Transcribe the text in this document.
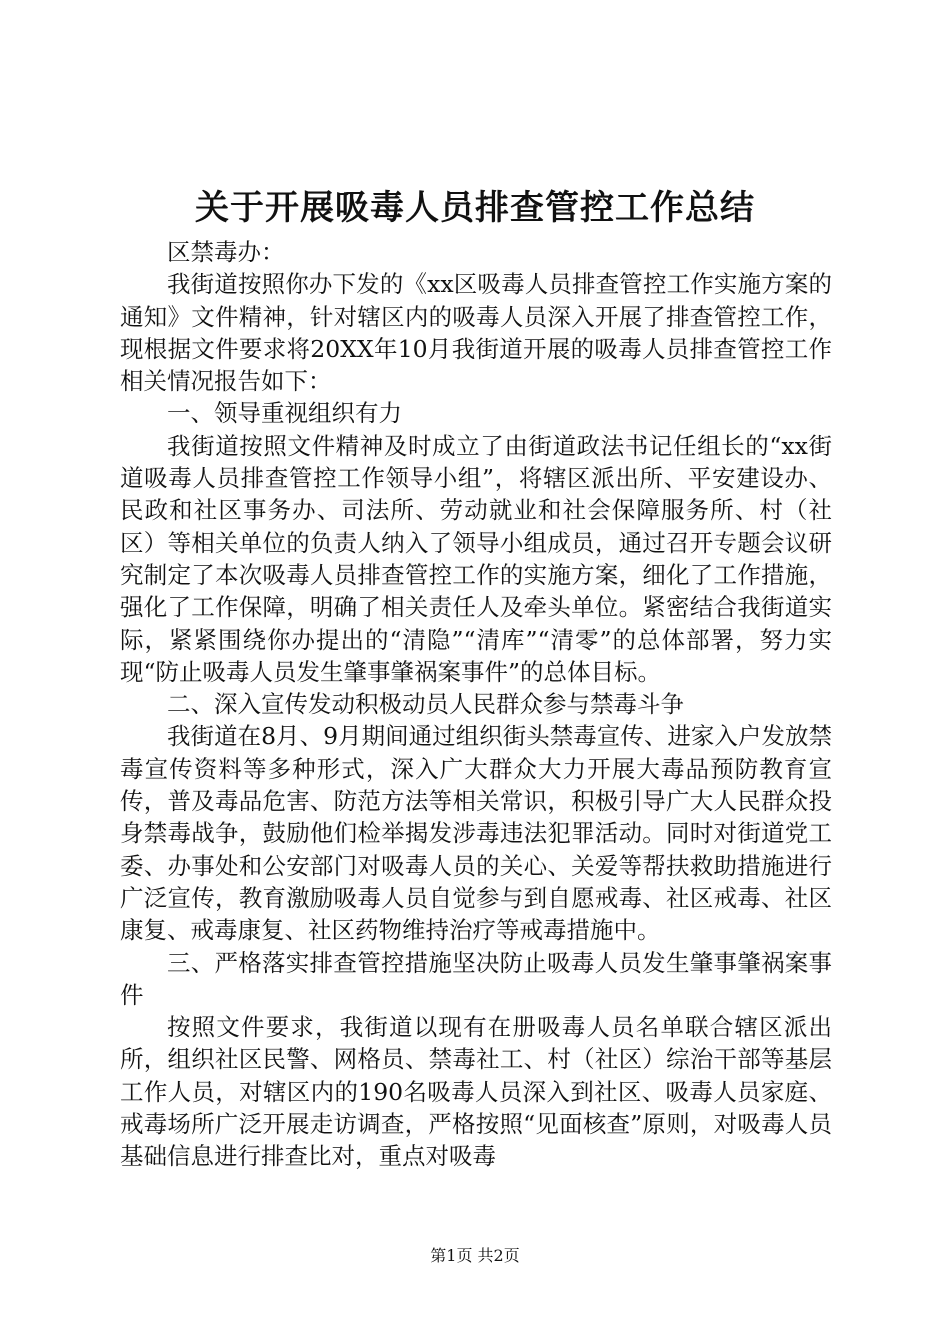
关于开展吸毒人员排查管控工作总结

区禁毒办：

我街道按照你办下发的《xx区吸毒人员排查管控工作实施方案的通知》文件精神，针对辖区内的吸毒人员深入开展了排查管控工作，现根据文件要求将20XX年10月我街道开展的吸毒人员排查管控工作相关情况报告如下：

一、领导重视组织有力

我街道按照文件精神及时成立了由街道政法书记任组长的“xx街道吸毒人员排查管控工作领导小组”，将辖区派出所、平安建设办、民政和社区事务办、司法所、劳动就业和社会保障服务所、村（社区）等相关单位的负责人纳入了领导小组成员，通过召开专题会议研究制定了本次吸毒人员排查管控工作的实施方案，细化了工作措施，强化了工作保障，明确了相关责任人及牵头单位。紧密结合我街道实际，紧紧围绕你办提出的“清隐”“清库”“清零”的总体部署，努力实现“防止吸毒人员发生肇事肇祸案事件”的总体目标。

二、深入宣传发动积极动员人民群众参与禁毒斗争

我街道在8月、9月期间通过组织街头禁毒宣传、进家入户发放禁毒宣传资料等多种形式，深入广大群众大力开展大毒品预防教育宣传，普及毒品危害、防范方法等相关常识，积极引导广大人民群众投身禁毒战争，鼓励他们检举揭发涉毒违法犯罪活动。同时对街道党工委、办事处和公安部门对吸毒人员的关心、关爱等帮扶救助措施进行广泛宣传，教育激励吸毒人员自觉参与到自愿戒毒、社区戒毒、社区康复、戒毒康复、社区药物维持治疗等戒毒措施中。

三、严格落实排查管控措施坚决防止吸毒人员发生肇事肇祸案事件

按照文件要求，我街道以现有在册吸毒人员名单联合辖区派出所，组织社区民警、网格员、禁毒社工、村（社区）综治干部等基层工作人员，对辖区内的190名吸毒人员深入到社区、吸毒人员家庭、戒毒场所广泛开展走访调查，严格按照“见面核查”原则，对吸毒人员基础信息进行排查比对，重点对吸毒

第1页 共2页
